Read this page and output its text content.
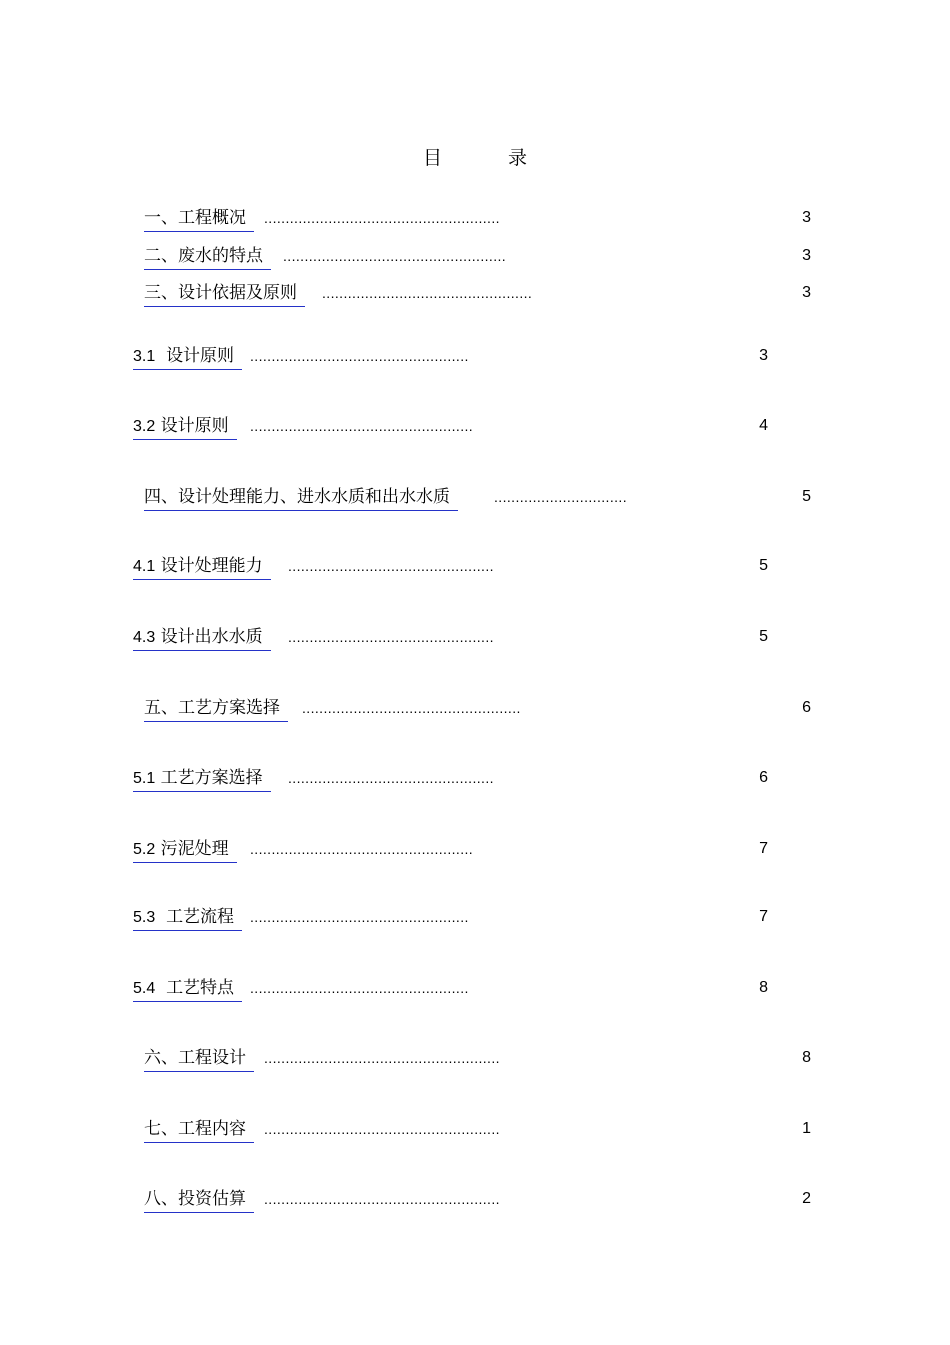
目 录
一、工程概况	.......................................................	3
二、废水的特点	....................................................	3
三、设计依据及原则	.................................................	3
3.1 设计原则	...................................................	3
3.2 设计原则	....................................................	4
四、设计处理能力、进水水质和出水水质	...............................	5
4.1 设计处理能力	................................................	5
4.3 设计出水水质	................................................	5
五、工艺方案选择	...................................................	6
5.1 工艺方案选择	................................................	6
5.2 污泥处理	....................................................	7
5.3 工艺流程	...................................................	7
5.4 工艺特点	...................................................	8
六、工程设计	.......................................................	8
七、工程内容	.......................................................	1
八、投资估算	.......................................................	2
